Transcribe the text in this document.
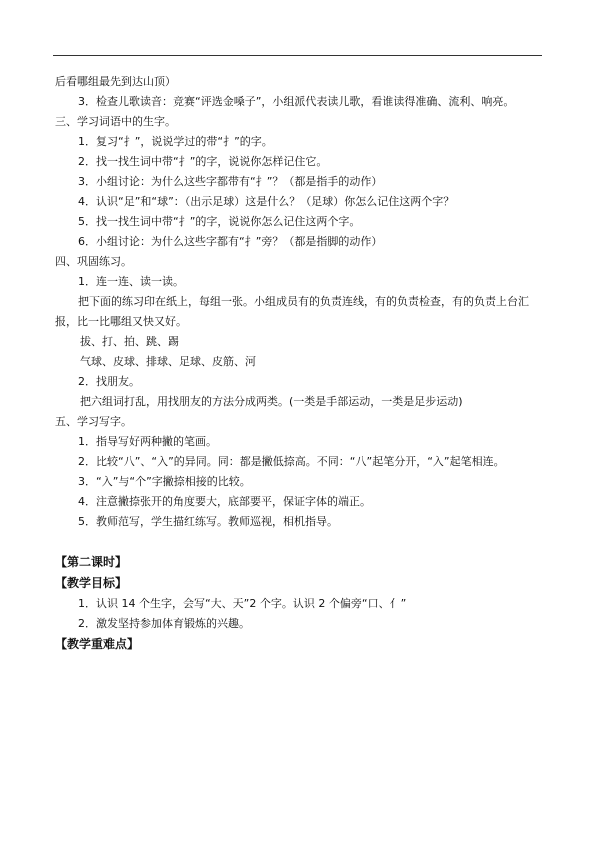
后看哪组最先到达山顶）

3．检查儿歌读音：竞赛“评选金嗓子”，小组派代表读儿歌，看谁读得准确、流利、响亮。

三、学习词语中的生字。

1．复习“扌”，说说学过的带“扌”的字。

2．找一找生词中带“扌”的字，说说你怎样记住它。

3．小组讨论：为什么这些字都带有“扌”？（都是指手的动作）

4．认识“足”和“球”：（出示足球）这是什么？（足球）你怎么记住这两个字？

5．找一找生词中带“扌”的字，说说你怎么记住这两个字。

6．小组讨论：为什么这些字都有“扌”旁？（都是指脚的动作）

四、巩固练习。

1．连一连、读一读。

把下面的练习印在纸上，每组一张。小组成员有的负责连线，有的负责检查，有的负责上台汇报，比一比哪组又快又好。

拔、打、拍、跳、踢

气球、皮球、排球、足球、皮筋、河

2．找朋友。

把六组词打乱，用找朋友的方法分成两类。(一类是手部运动，一类是足步运动)

五、学习写字。

1．指导写好两种撇的笔画。

2．比较“八”、“入”的异同。同：都是撇低捺高。不同：“八”起笔分开，“入”起笔相连。

3．“入”与“个”字撇捺相接的比较。

4．注意撇捺张开的角度要大，底部要平，保证字体的端正。

5．教师范写，学生描红练写。教师巡视，相机指导。

【第二课时】

【教学目标】

1．认识 14 个生字，会写“大、天”2 个字。认识 2 个偏旁“口、亻”

2．激发坚持参加体育锻炼的兴趣。

【教学重难点】
